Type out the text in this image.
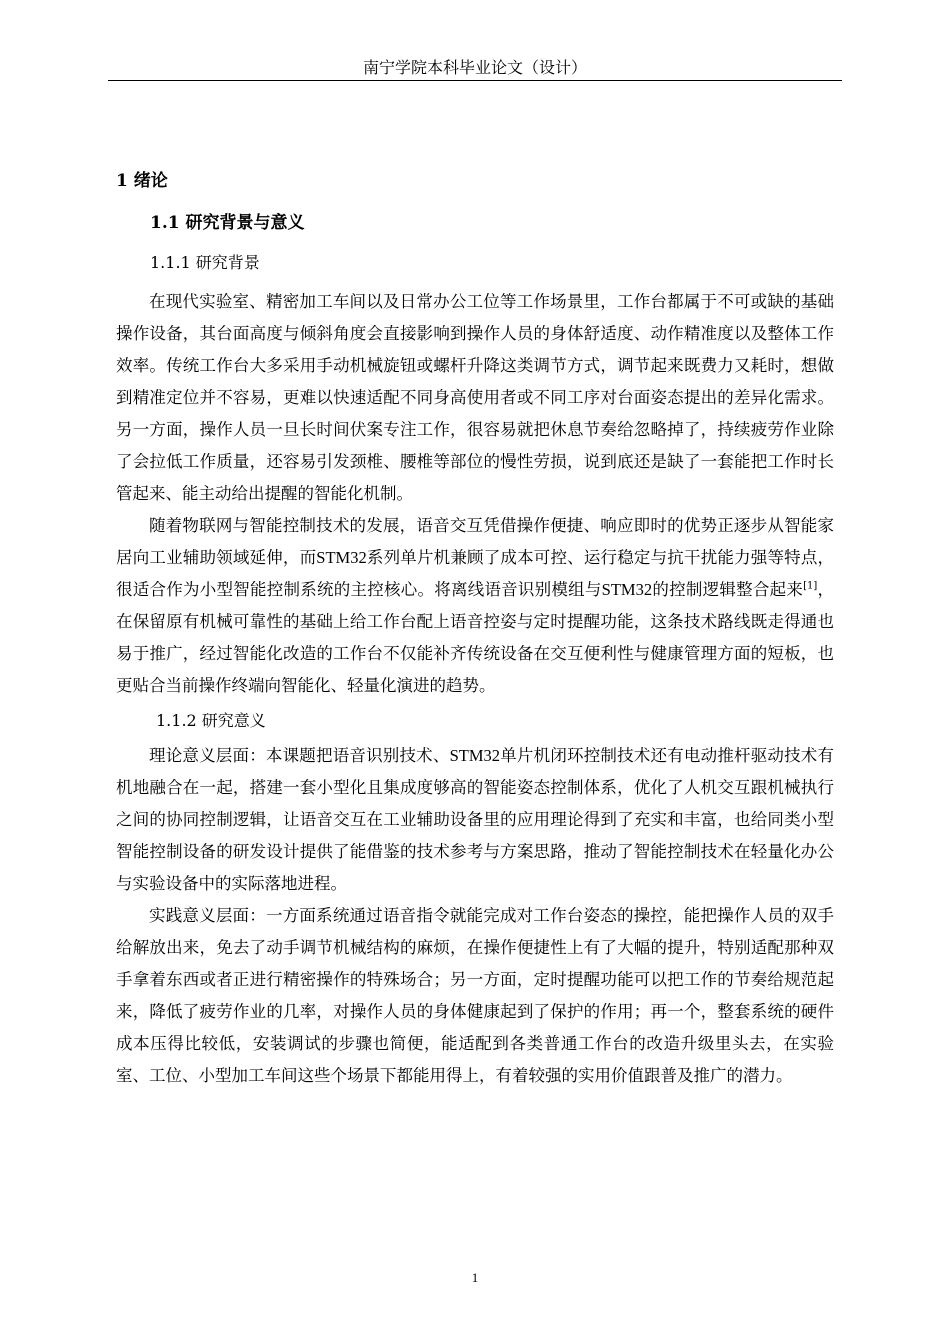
南宁学院本科毕业论文（设计）
1 绪论
1.1 研究背景与意义
1.1.1 研究背景

在现代实验室、精密加工车间以及日常办公工位等工作场景里，工作台都属于不可或缺的基础操作设备，其台面高度与倾斜角度会直接影响到操作人员的身体舒适度、动作精准度以及整体工作效率。传统工作台大多采用手动机械旋钮或螺杆升降这类调节方式，调节起来既费力又耗时，想做到精准定位并不容易，更难以快速适配不同身高使用者或不同工序对台面姿态提出的差异化需求。另一方面，操作人员一旦长时间伏案专注工作，很容易就把休息节奏给忽略掉了，持续疲劳作业除了会拉低工作质量，还容易引发颈椎、腰椎等部位的慢性劳损，说到底还是缺了一套能把工作时长管起来、能主动给出提醒的智能化机制。

随着物联网与智能控制技术的发展，语音交互凭借操作便捷、响应即时的优势正逐步从智能家居向工业辅助领域延伸，而STM32系列单片机兼顾了成本可控、运行稳定与抗干扰能力强等特点，很适合作为小型智能控制系统的主控核心。将离线语音识别模组与STM32的控制逻辑整合起来[1]，在保留原有机械可靠性的基础上给工作台配上语音控姿与定时提醒功能，这条技术路线既走得通也易于推广，经过智能化改造的工作台不仅能补齐传统设备在交互便利性与健康管理方面的短板，也更贴合当前操作终端向智能化、轻量化演进的趋势。

1.1.2 研究意义

理论意义层面：本课题把语音识别技术、STM32单片机闭环控制技术还有电动推杆驱动技术有机地融合在一起，搭建一套小型化且集成度够高的智能姿态控制体系，优化了人机交互跟机械执行之间的协同控制逻辑，让语音交互在工业辅助设备里的应用理论得到了充实和丰富，也给同类小型智能控制设备的研发设计提供了能借鉴的技术参考与方案思路，推动了智能控制技术在轻量化办公与实验设备中的实际落地进程。

实践意义层面：一方面系统通过语音指令就能完成对工作台姿态的操控，能把操作人员的双手给解放出来，免去了动手调节机械结构的麻烦，在操作便捷性上有了大幅的提升，特别适配那种双手拿着东西或者正进行精密操作的特殊场合；另一方面，定时提醒功能可以把工作的节奏给规范起来，降低了疲劳作业的几率，对操作人员的身体健康起到了保护的作用；再一个，整套系统的硬件成本压得比较低，安装调试的步骤也简便，能适配到各类普通工作台的改造升级里头去，在实验室、工位、小型加工车间这些个场景下都能用得上，有着较强的实用价值跟普及推广的潜力。

1
